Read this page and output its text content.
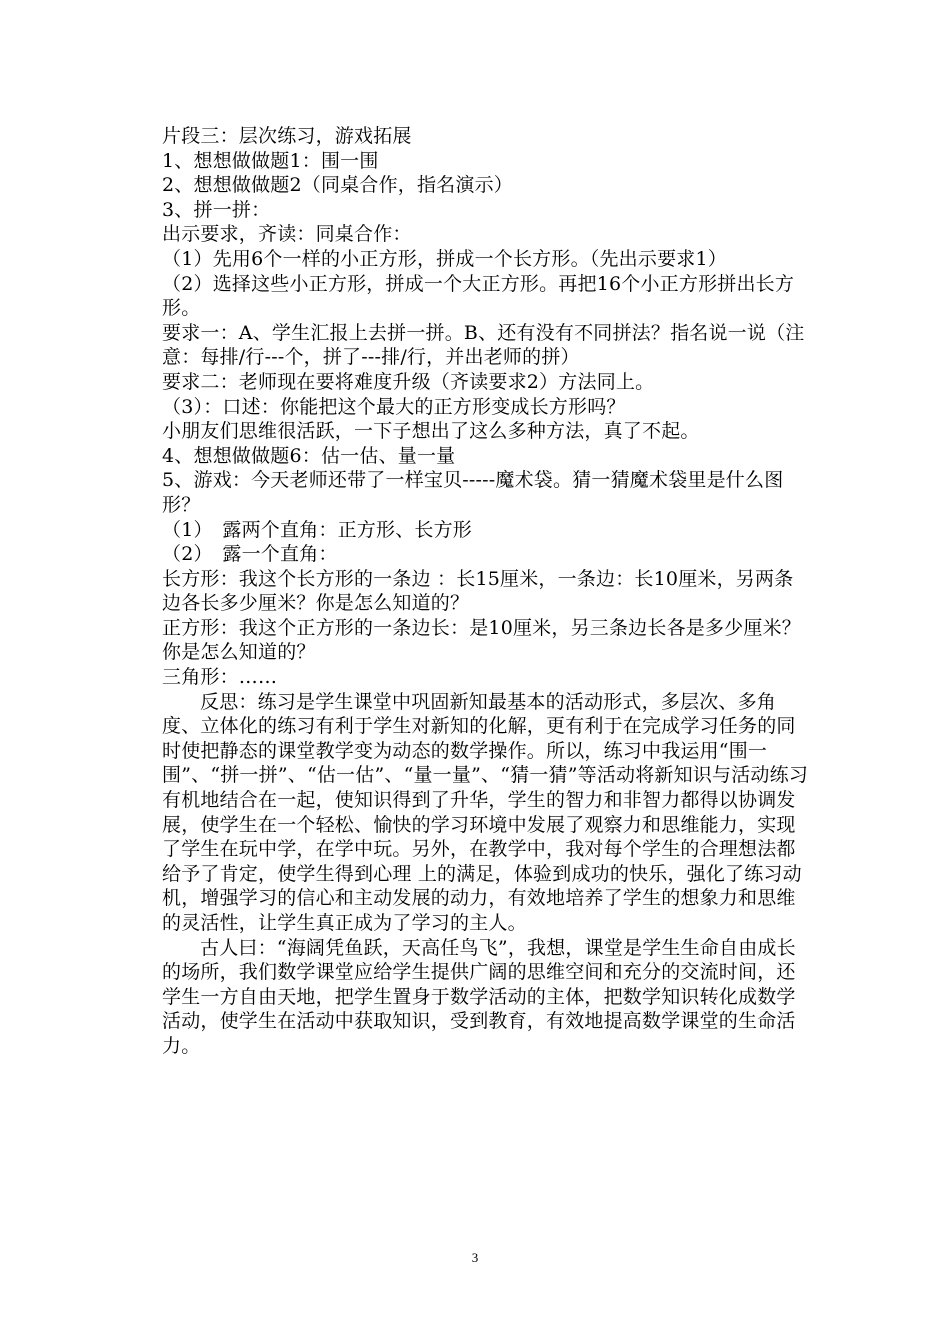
片段三：层次练习，游戏拓展

1、想想做做题1：围一围

2、想想做做题2（同桌合作，指名演示）

3、拼一拼：

出示要求，齐读：同桌合作：

（1）先用6个一样的小正方形，拼成一个长方形。（先出示要求1）

（2）选择这些小正方形，拼成一个大正方形。再把16个小正方形拼出长方形。

要求一：A、学生汇报上去拼一拼。B、还有没有不同拼法？指名说一说（注意：每排/行---个，拼了---排/行，并出老师的拼）

要求二：老师现在要将难度升级（齐读要求2）方法同上。

（3）：口述：你能把这个最大的正方形变成长方形吗？

小朋友们思维很活跃，一下子想出了这么多种方法，真了不起。

4、想想做做题6：估一估、量一量

5、游戏：今天老师还带了一样宝贝-----魔术袋。猜一猜魔术袋里是什么图形？

（1）　露两个直角：正方形、长方形

（2）　露一个直角：

长方形：我这个长方形的一条边 ：长15厘米，一条边：长10厘米，另两条边各长多少厘米？你是怎么知道的？

正方形：我这个正方形的一条边长：是10厘米，另三条边长各是多少厘米？你是怎么知道的？

三角形：……

反思：练习是学生课堂中巩固新知最基本的活动形式，多层次、多角度、立体化的练习有利于学生对新知的化解，更有利于在完成学习任务的同时使把静态的课堂教学变为动态的数学操作。所以，练习中我运用“围一围”、“拼一拼”、“估一估”、“量一量”、“猜一猜”等活动将新知识与活动练习有机地结合在一起，使知识得到了升华，学生的智力和非智力都得以协调发展，使学生在一个轻松、愉快的学习环境中发展了观察力和思维能力，实现了学生在玩中学，在学中玩。另外，在教学中，我对每个学生的合理想法都给予了肯定，使学生得到心理 上的满足，体验到成功的快乐，强化了练习动机，增强学习的信心和主动发展的动力，有效地培养了学生的想象力和思维的灵活性，让学生真正成为了学习的主人。

古人曰：“海阔凭鱼跃，天高任鸟飞”，我想，课堂是学生生命自由成长的场所，我们数学课堂应给学生提供广阔的思维空间和充分的交流时间，还学生一方自由天地，把学生置身于数学活动的主体，把数学知识转化成数学活动，使学生在活动中获取知识，受到教育，有效地提高数学课堂的生命活力。

3
